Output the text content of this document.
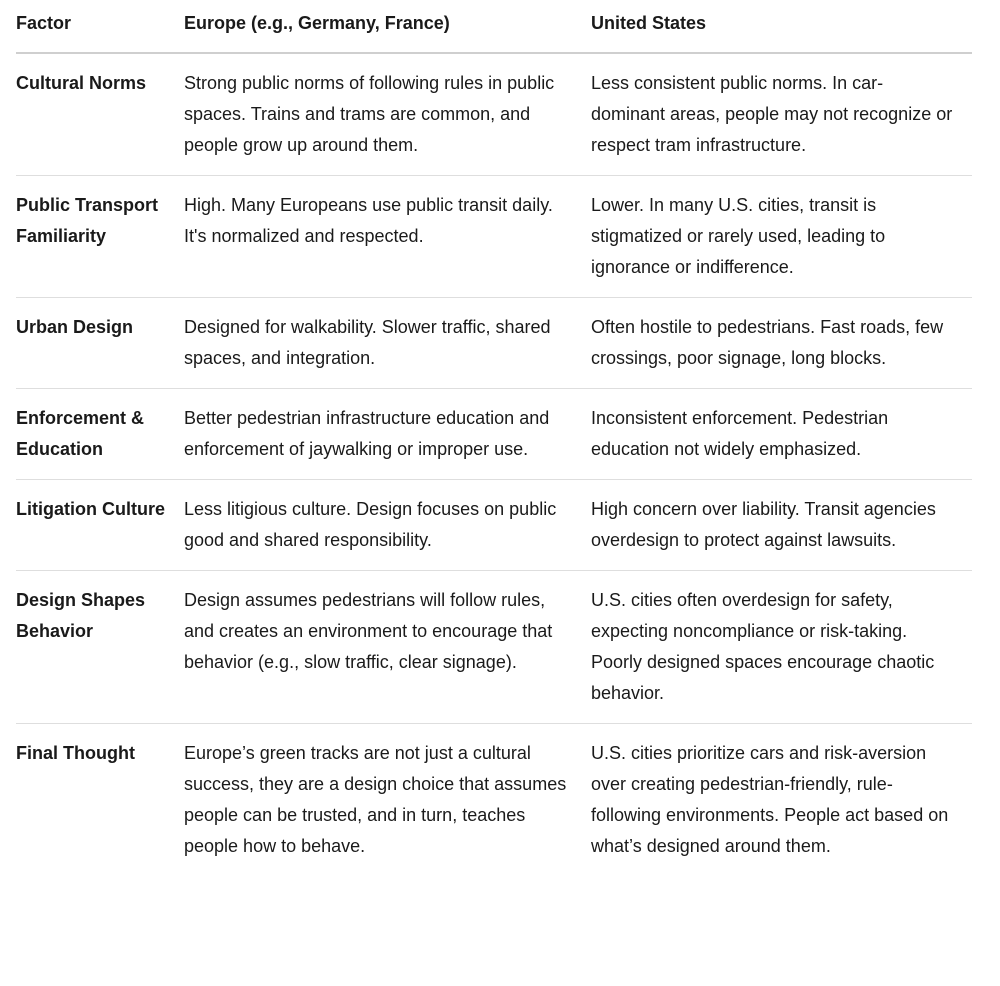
Factor	Europe (e.g., Germany, France)	United States
Cultural Norms	Strong public norms of following rules in public spaces. Trains and trams are common, and people grow up around them.	Less consistent public norms. In car-dominant areas, people may not recognize or respect tram infrastructure.
Public Transport Familiarity	High. Many Europeans use public transit daily. It's normalized and respected.	Lower. In many U.S. cities, transit is stigmatized or rarely used, leading to ignorance or indifference.
Urban Design	Designed for walkability. Slower traffic, shared spaces, and integration.	Often hostile to pedestrians. Fast roads, few crossings, poor signage, long blocks.
Enforcement & Education	Better pedestrian infrastructure education and enforcement of jaywalking or improper use.	Inconsistent enforcement. Pedestrian education not widely emphasized.
Litigation Culture	Less litigious culture. Design focuses on public good and shared responsibility.	High concern over liability. Transit agencies overdesign to protect against lawsuits.
Design Shapes Behavior	Design assumes pedestrians will follow rules, and creates an environment to encourage that behavior (e.g., slow traffic, clear signage).	U.S. cities often overdesign for safety, expecting noncompliance or risk-taking. Poorly designed spaces encourage chaotic behavior.
Final Thought	Europe’s green tracks are not just a cultural success, they are a design choice that assumes people can be trusted, and in turn, teaches people how to behave.	U.S. cities prioritize cars and risk-aversion over creating pedestrian-friendly, rule-following environments. People act based on what’s designed around them.
